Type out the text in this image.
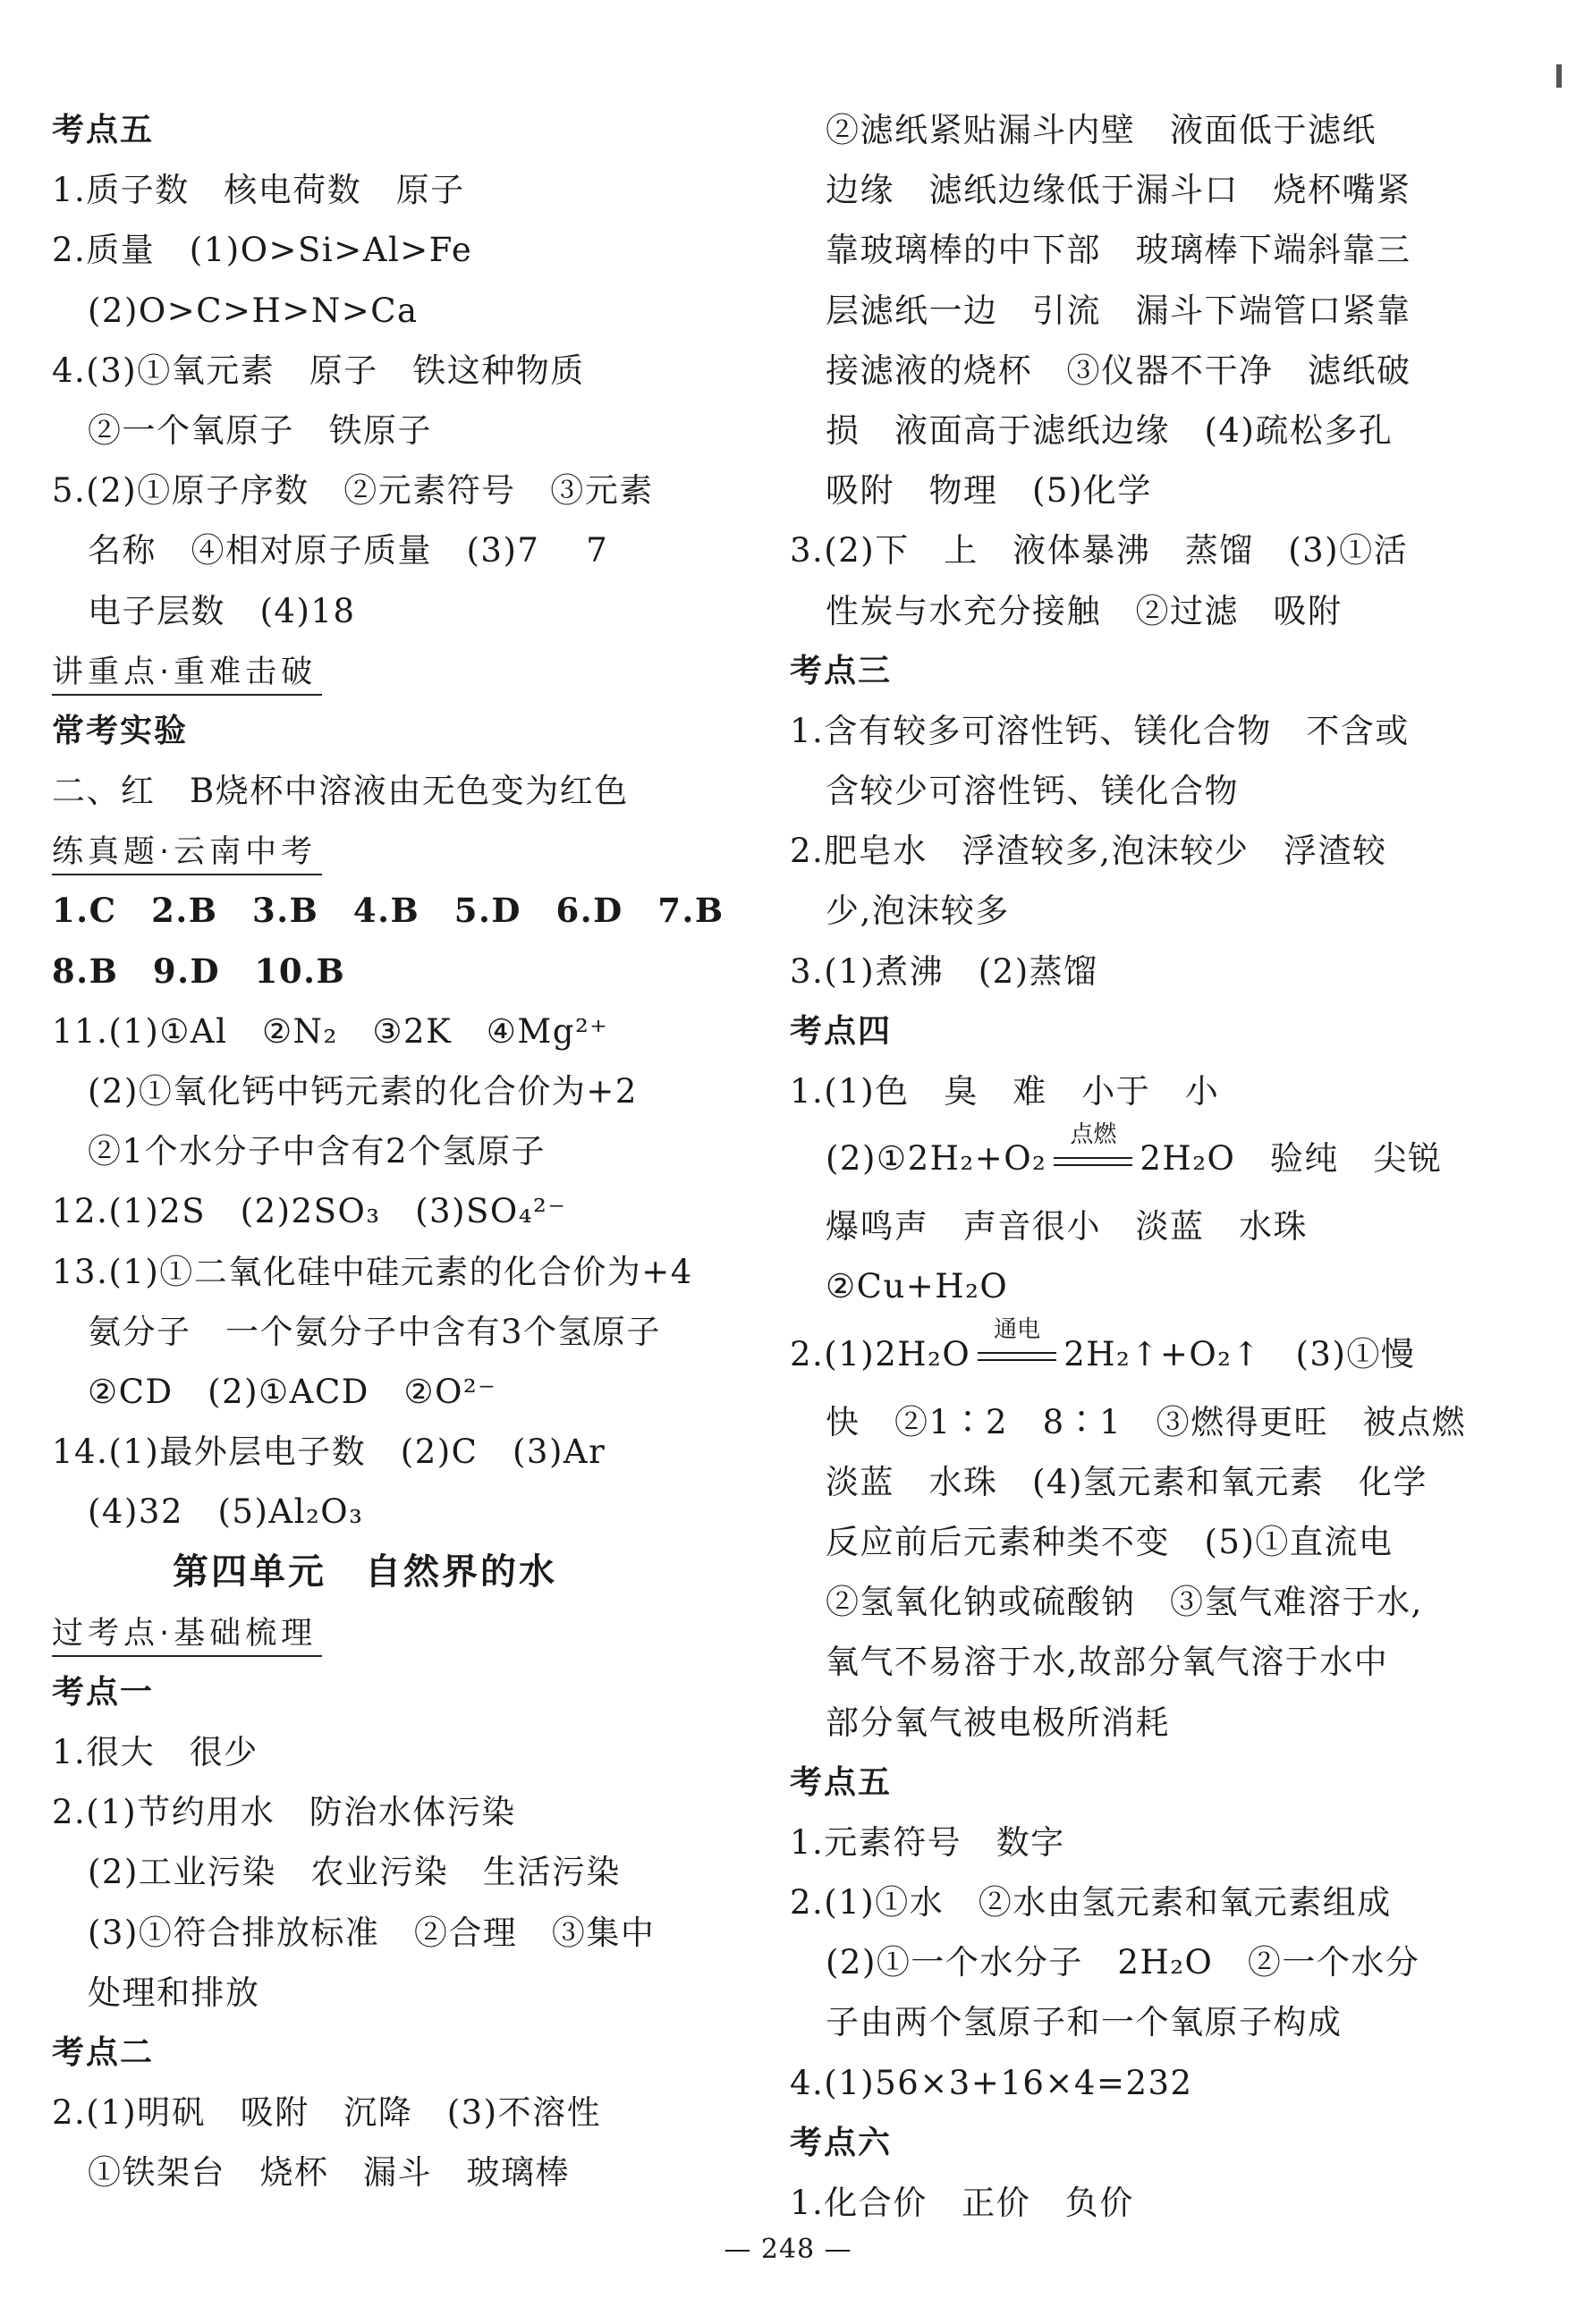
考点五
1.质子数　核电荷数　原子
2.质量　(1)O>Si>Al>Fe
(2)O>C>H>N>Ca
4.(3)①氧元素　原子　铁这种物质
②一个氧原子　铁原子
5.(2)①原子序数　②元素符号　③元素
名称　④相对原子质量　(3)7　 7
电子层数　(4)18
讲重点·重难击破
常考实验
二、红　B烧杯中溶液由无色变为红色
练真题·云南中考
1.C　2.B　3.B　4.B　5.D　6.D　7.B
8.B　9.D　10.B
11.(1)①Al　②N₂　③2K　④Mg²⁺
(2)①氧化钙中钙元素的化合价为+2
②1个水分子中含有2个氢原子
12.(1)2S　(2)2SO₃　(3)SO₄²⁻
13.(1)①二氧化硅中硅元素的化合价为+4
氨分子　一个氨分子中含有3个氢原子
②CD　(2)①ACD　②O²⁻
14.(1)最外层电子数　(2)C　(3)Ar
(4)32　(5)Al₂O₃
第四单元　自然界的水
过考点·基础梳理
考点一
1.很大　很少
2.(1)节约用水　防治水体污染
(2)工业污染　农业污染　生活污染
(3)①符合排放标准　②合理　③集中
处理和排放
考点二
2.(1)明矾　吸附　沉降　(3)不溶性
①铁架台　烧杯　漏斗　玻璃棒
②滤纸紧贴漏斗内壁　液面低于滤纸
边缘　滤纸边缘低于漏斗口　烧杯嘴紧
靠玻璃棒的中下部　玻璃棒下端斜靠三
层滤纸一边　引流　漏斗下端管口紧靠
接滤液的烧杯　③仪器不干净　滤纸破
损　液面高于滤纸边缘　(4)疏松多孔
吸附　物理　(5)化学
3.(2)下　上　液体暴沸　蒸馏　(3)①活
性炭与水充分接触　②过滤　吸附
考点三
1.含有较多可溶性钙、镁化合物　不含或
含较少可溶性钙、镁化合物
2.肥皂水　浮渣较多,泡沫较少　浮渣较
少,泡沫较多
3.(1)煮沸　(2)蒸馏
考点四
1.(1)色　臭　难　小于　小
(2)①2H₂+O₂
点燃
2H₂O　验纯　尖锐
爆鸣声　声音很小　淡蓝　水珠
②Cu+H₂O
2.(1)2H₂O
通电
2H₂↑+O₂↑　(3)①慢
快　②1∶2　8∶1　③燃得更旺　被点燃
淡蓝　水珠　(4)氢元素和氧元素　化学
反应前后元素种类不变　(5)①直流电
②氢氧化钠或硫酸钠　③氢气难溶于水,
氧气不易溶于水,故部分氧气溶于水中
部分氧气被电极所消耗
考点五
1.元素符号　数字
2.(1)①水　②水由氢元素和氧元素组成
(2)①一个水分子　2H₂O　②一个水分
子由两个氢原子和一个氧原子构成
4.(1)56×3+16×4=232
考点六
1.化合价　正价　负价
— 248 —
